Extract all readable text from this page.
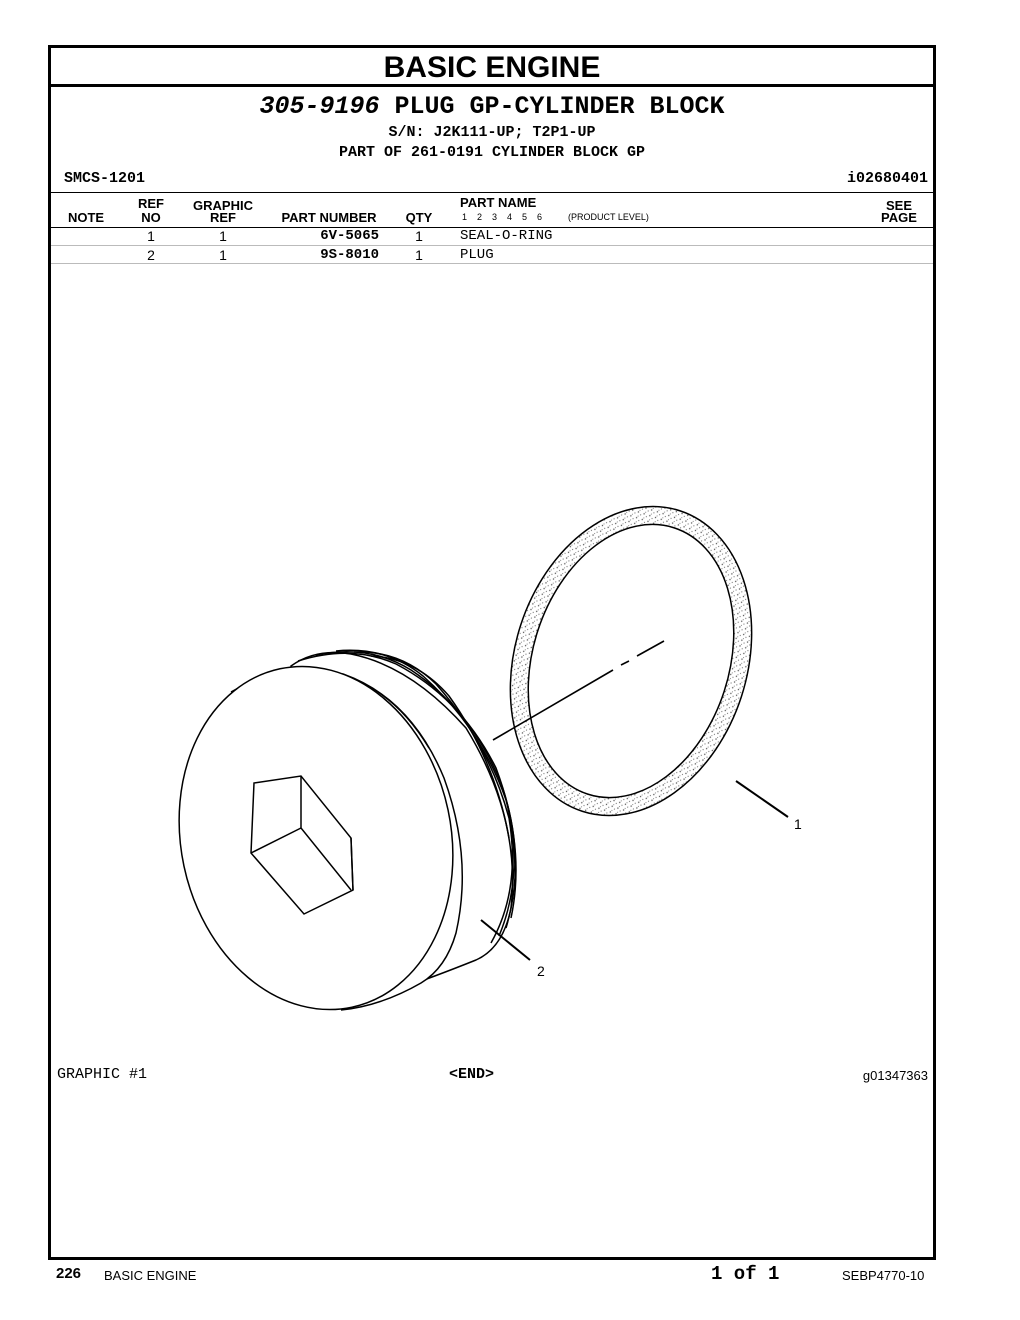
BASIC ENGINE
305-9196 PLUG GP-CYLINDER BLOCK
S/N: J2K111-UP; T2P1-UP
PART OF 261-0191 CYLINDER BLOCK GP
SMCS-1201	i02680401
NOTE
REF
NO
GRAPHIC
REF	PART NUMBER	QTY
PART NAME
1    2    3    4    5    6	(PRODUCT LEVEL)
SEE
PAGE
1	1	6V-5065	1	SEAL-O-RING
2	1	9S-8010	1	PLUG
1
2
GRAPHIC #1	<END>	g01347363
226 BASIC ENGINE	1 of 1	SEBP4770-10
